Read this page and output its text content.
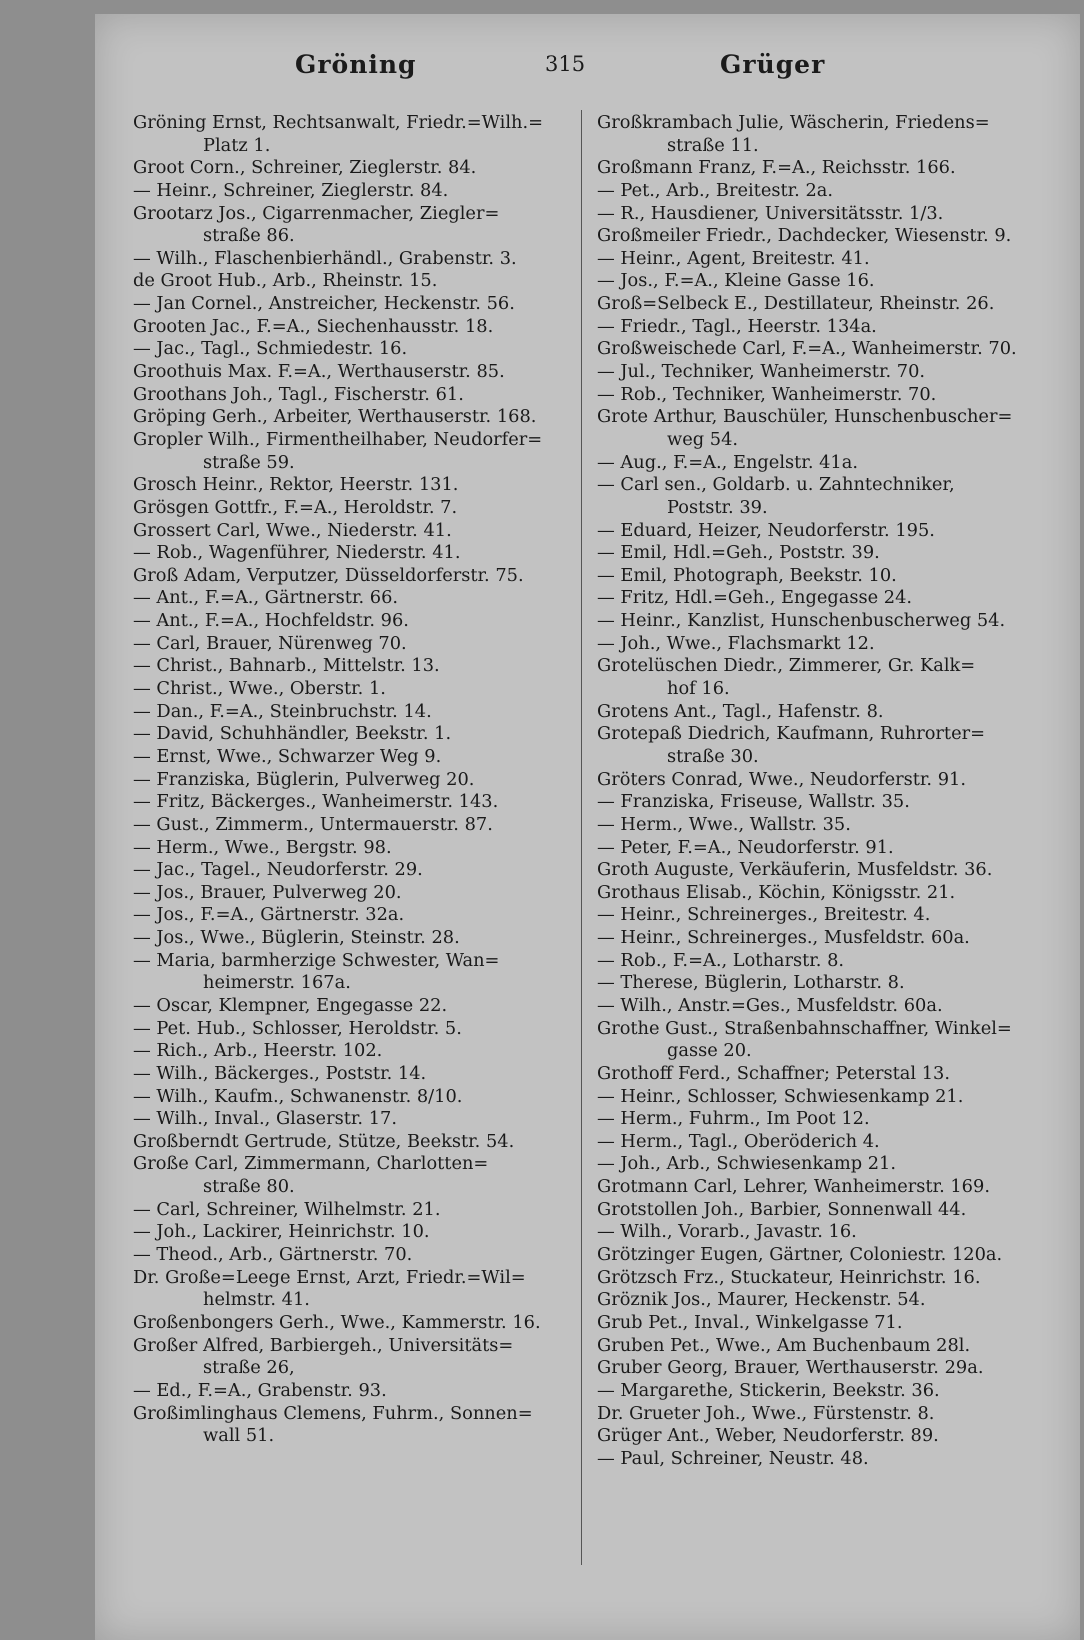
Gröning	315	Grüger
Gröning Ernst, Rechtsanwalt, Friedr.=Wilh.=
Platz 1.
Groot Corn., Schreiner, Zieglerstr. 84.
— Heinr., Schreiner, Zieglerstr. 84.
Grootarz Jos., Cigarrenmacher, Ziegler=
straße 86.
— Wilh., Flaschenbierhändl., Grabenstr. 3.
de Groot Hub., Arb., Rheinstr. 15.
— Jan Cornel., Anstreicher, Heckenstr. 56.
Grooten Jac., F.=A., Siechenhausstr. 18.
— Jac., Tagl., Schmiedestr. 16.
Groothuis Max. F.=A., Werthauserstr. 85.
Groothans Joh., Tagl., Fischerstr. 61.
Gröping Gerh., Arbeiter, Werthauserstr. 168.
Gropler Wilh., Firmentheilhaber, Neudorfer=
straße 59.
Grosch Heinr., Rektor, Heerstr. 131.
Grösgen Gottfr., F.=A., Heroldstr. 7.
Grossert Carl, Wwe., Niederstr. 41.
— Rob., Wagenführer, Niederstr. 41.
Groß Adam, Verputzer, Düsseldorferstr. 75.
— Ant., F.=A., Gärtnerstr. 66.
— Ant., F.=A., Hochfeldstr. 96.
— Carl, Brauer, Nürenweg 70.
— Christ., Bahnarb., Mittelstr. 13.
— Christ., Wwe., Oberstr. 1.
— Dan., F.=A., Steinbruchstr. 14.
— David, Schuhhändler, Beekstr. 1.
— Ernst, Wwe., Schwarzer Weg 9.
— Franziska, Büglerin, Pulverweg 20.
— Fritz, Bäckerges., Wanheimerstr. 143.
— Gust., Zimmerm., Untermauerstr. 87.
— Herm., Wwe., Bergstr. 98.
— Jac., Tagel., Neudorferstr. 29.
— Jos., Brauer, Pulverweg 20.
— Jos., F.=A., Gärtnerstr. 32a.
— Jos., Wwe., Büglerin, Steinstr. 28.
— Maria, barmherzige Schwester, Wan=
heimerstr. 167a.
— Oscar, Klempner, Engegasse 22.
— Pet. Hub., Schlosser, Heroldstr. 5.
— Rich., Arb., Heerstr. 102.
— Wilh., Bäckerges., Poststr. 14.
— Wilh., Kaufm., Schwanenstr. 8/10.
— Wilh., Inval., Glaserstr. 17.
Großberndt Gertrude, Stütze, Beekstr. 54.
Große Carl, Zimmermann, Charlotten=
straße 80.
— Carl, Schreiner, Wilhelmstr. 21.
— Joh., Lackirer, Heinrichstr. 10.
— Theod., Arb., Gärtnerstr. 70.
Dr. Große=Leege Ernst, Arzt, Friedr.=Wil=
helmstr. 41.
Großenbongers Gerh., Wwe., Kammerstr. 16.
Großer Alfred, Barbiergeh., Universitäts=
straße 26,
— Ed., F.=A., Grabenstr. 93.
Großimlinghaus Clemens, Fuhrm., Sonnen=
wall 51.
Großkrambach Julie, Wäscherin, Friedens=
straße 11.
Großmann Franz, F.=A., Reichsstr. 166.
— Pet., Arb., Breitestr. 2a.
— R., Hausdiener, Universitätsstr. 1/3.
Großmeiler Friedr., Dachdecker, Wiesenstr. 9.
— Heinr., Agent, Breitestr. 41.
— Jos., F.=A., Kleine Gasse 16.
Groß=Selbeck E., Destillateur, Rheinstr. 26.
— Friedr., Tagl., Heerstr. 134a.
Großweischede Carl, F.=A., Wanheimerstr. 70.
— Jul., Techniker, Wanheimerstr. 70.
— Rob., Techniker, Wanheimerstr. 70.
Grote Arthur, Bauschüler, Hunschenbuscher=
weg 54.
— Aug., F.=A., Engelstr. 41a.
— Carl sen., Goldarb. u. Zahntechniker,
Poststr. 39.
— Eduard, Heizer, Neudorferstr. 195.
— Emil, Hdl.=Geh., Poststr. 39.
— Emil, Photograph, Beekstr. 10.
— Fritz, Hdl.=Geh., Engegasse 24.
— Heinr., Kanzlist, Hunschenbuscherweg 54.
— Joh., Wwe., Flachsmarkt 12.
Grotelüschen Diedr., Zimmerer, Gr. Kalk=
hof 16.
Grotens Ant., Tagl., Hafenstr. 8.
Grotepaß Diedrich, Kaufmann, Ruhrorter=
straße 30.
Gröters Conrad, Wwe., Neudorferstr. 91.
— Franziska, Friseuse, Wallstr. 35.
— Herm., Wwe., Wallstr. 35.
— Peter, F.=A., Neudorferstr. 91.
Groth Auguste, Verkäuferin, Musfeldstr. 36.
Grothaus Elisab., Köchin, Königsstr. 21.
— Heinr., Schreinerges., Breitestr. 4.
— Heinr., Schreinerges., Musfeldstr. 60a.
— Rob., F.=A., Lotharstr. 8.
— Therese, Büglerin, Lotharstr. 8.
— Wilh., Anstr.=Ges., Musfeldstr. 60a.
Grothe Gust., Straßenbahnschaffner, Winkel=
gasse 20.
Grothoff Ferd., Schaffner; Peterstal 13.
— Heinr., Schlosser, Schwiesenkamp 21.
— Herm., Fuhrm., Im Poot 12.
— Herm., Tagl., Oberöderich 4.
— Joh., Arb., Schwiesenkamp 21.
Grotmann Carl, Lehrer, Wanheimerstr. 169.
Grotstollen Joh., Barbier, Sonnenwall 44.
— Wilh., Vorarb., Javastr. 16.
Grötzinger Eugen, Gärtner, Coloniestr. 120a.
Grötzsch Frz., Stuckateur, Heinrichstr. 16.
Gröznik Jos., Maurer, Heckenstr. 54.
Grub Pet., Inval., Winkelgasse 71.
Gruben Pet., Wwe., Am Buchenbaum 28l.
Gruber Georg, Brauer, Werthauserstr. 29a.
— Margarethe, Stickerin, Beekstr. 36.
Dr. Grueter Joh., Wwe., Fürstenstr. 8.
Grüger Ant., Weber, Neudorferstr. 89.
— Paul, Schreiner, Neustr. 48.
